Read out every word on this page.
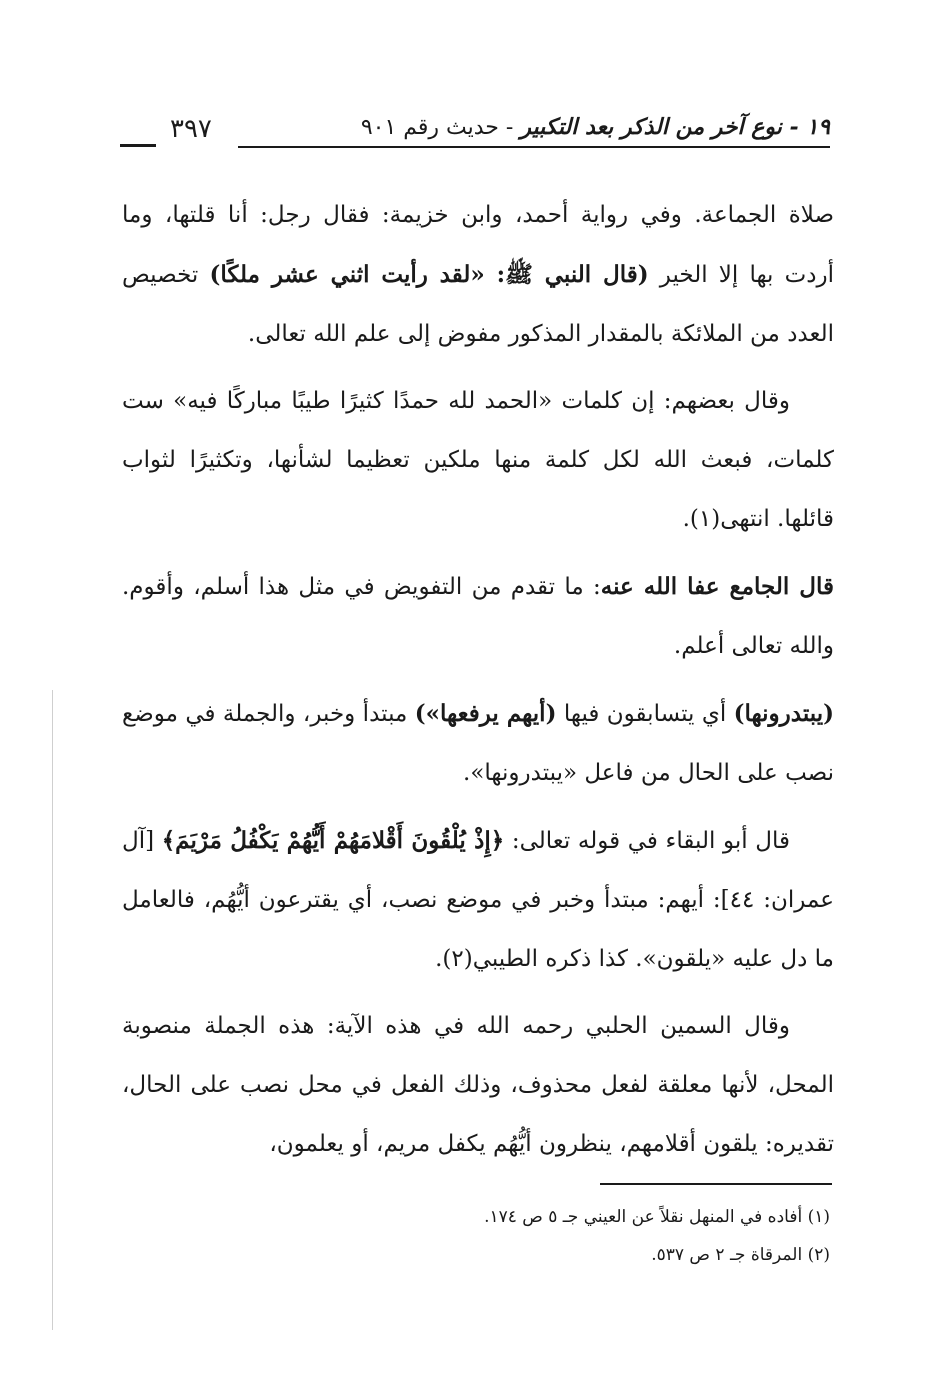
١٩ - نوع آخر من الذكر بعد التكبير - حديث رقم ٩٠١
٣٩٧

صلاة الجماعة. وفي رواية أحمد، وابن خزيمة: فقال رجل: أنا قلتها، وما أردت بها إلا الخير (قال النبي ﷺ: «لقد رأيت اثني عشر ملكًا) تخصيص العدد من الملائكة بالمقدار المذكور مفوض إلى علم الله تعالى.

وقال بعضهم: إن كلمات «الحمد لله حمدًا كثيرًا طيبًا مباركًا فيه» ست كلمات، فبعث الله لكل كلمة منها ملكين تعظيما لشأنها، وتكثيرًا لثواب قائلها. انتهى(١).

قال الجامع عفا الله عنه: ما تقدم من التفويض في مثل هذا أسلم، وأقوم. والله تعالى أعلم.

(يبتدرونها) أي يتسابقون فيها (أيهم يرفعها») مبتدأ وخبر، والجملة في موضع نصب على الحال من فاعل «يبتدرونها».

قال أبو البقاء في قوله تعالى: ﴿إِذْ يُلْقُونَ أَقْلامَهُمْ أَيُّهُمْ يَكْفُلُ مَرْيَمَ﴾ [آل عمران: ٤٤]: أيهم: مبتدأ وخبر في موضع نصب، أي يقترعون أيُّهُم، فالعامل ما دل عليه «يلقون». كذا ذكره الطيبي(٢).

وقال السمين الحلبي رحمه الله في هذه الآية: هذه الجملة منصوبة المحل، لأنها معلقة لفعل محذوف، وذلك الفعل في محل نصب على الحال، تقديره: يلقون أقلامهم، ينظرون أيُّهُم يكفل مريم، أو يعلمون،

(١) أفاده في المنهل نقلاً عن العيني جـ ٥ ص ١٧٤.
(٢) المرقاة جـ ٢ ص ٥٣٧.
